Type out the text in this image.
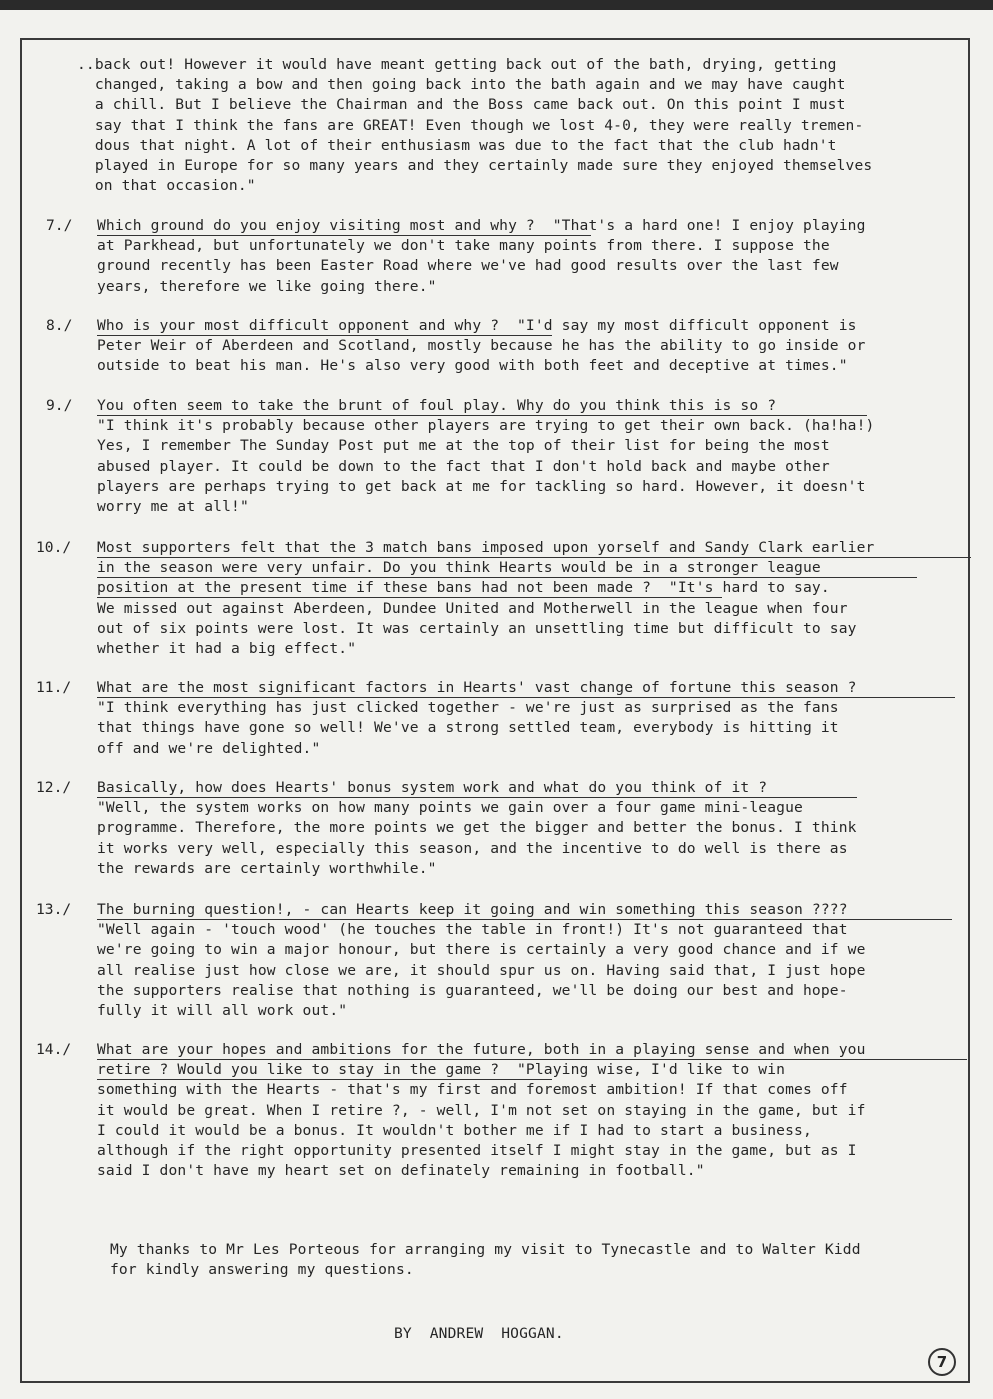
..back out! However it would have meant getting back out of the bath, drying, getting
changed, taking a bow and then going back into the bath again and we may have caught
a chill. But I believe the Chairman and the Boss came back out. On this point I must
say that I think the fans are GREAT! Even though we lost 4-0, they were really tremen-
dous that night. A lot of their enthusiasm was due to the fact that the club hadn't
played in Europe for so many years and they certainly made sure they enjoyed themselves
on that occasion."
7./ Which ground do you enjoy visiting most and why ?  "That's a hard one! I enjoy playing
at Parkhead, but unfortunately we don't take many points from there. I suppose the
ground recently has been Easter Road where we've had good results over the last few
years, therefore we like going there."
8./ Who is your most difficult opponent and why ?  "I'd say my most difficult opponent is
Peter Weir of Aberdeen and Scotland, mostly because he has the ability to go inside or
outside to beat his man. He's also very good with both feet and deceptive at times."
9./ You often seem to take the brunt of foul play. Why do you think this is so ?
"I think it's probably because other players are trying to get their own back. (ha!ha!)
Yes, I remember The Sunday Post put me at the top of their list for being the most
abused player. It could be down to the fact that I don't hold back and maybe other
players are perhaps trying to get back at me for tackling so hard. However, it doesn't
worry me at all!"
10./ Most supporters felt that the 3 match bans imposed upon yorself and Sandy Clark earlier
in the season were very unfair. Do you think Hearts would be in a stronger league
position at the present time if these bans had not been made ?  "It's hard to say.
We missed out against Aberdeen, Dundee United and Motherwell in the league when four
out of six points were lost. It was certainly an unsettling time but difficult to say
whether it had a big effect."
11./ What are the most significant factors in Hearts' vast change of fortune this season ?
"I think everything has just clicked together - we're just as surprised as the fans
that things have gone so well! We've a strong settled team, everybody is hitting it
off and we're delighted."
12./ Basically, how does Hearts' bonus system work and what do you think of it ?
"Well, the system works on how many points we gain over a four game mini-league
programme. Therefore, the more points we get the bigger and better the bonus. I think
it works very well, especially this season, and the incentive to do well is there as
the rewards are certainly worthwhile."
13./ The burning question!, - can Hearts keep it going and win something this season ????
"Well again - 'touch wood' (he touches the table in front!) It's not guaranteed that
we're going to win a major honour, but there is certainly a very good chance and if we
all realise just how close we are, it should spur us on. Having said that, I just hope
the supporters realise that nothing is guaranteed, we'll be doing our best and hope-
fully it will all work out."
14./ What are your hopes and ambitions for the future, both in a playing sense and when you
retire ? Would you like to stay in the game ?  "Playing wise, I'd like to win
something with the Hearts - that's my first and foremost ambition! If that comes off
it would be great. When I retire ?, - well, I'm not set on staying in the game, but if
I could it would be a bonus. It wouldn't bother me if I had to start a business,
although if the right opportunity presented itself I might stay in the game, but as I
said I don't have my heart set on definately remaining in football."
My thanks to Mr Les Porteous for arranging my visit to Tynecastle and to Walter Kidd
for kindly answering my questions.
BY  ANDREW  HOGGAN.
7
